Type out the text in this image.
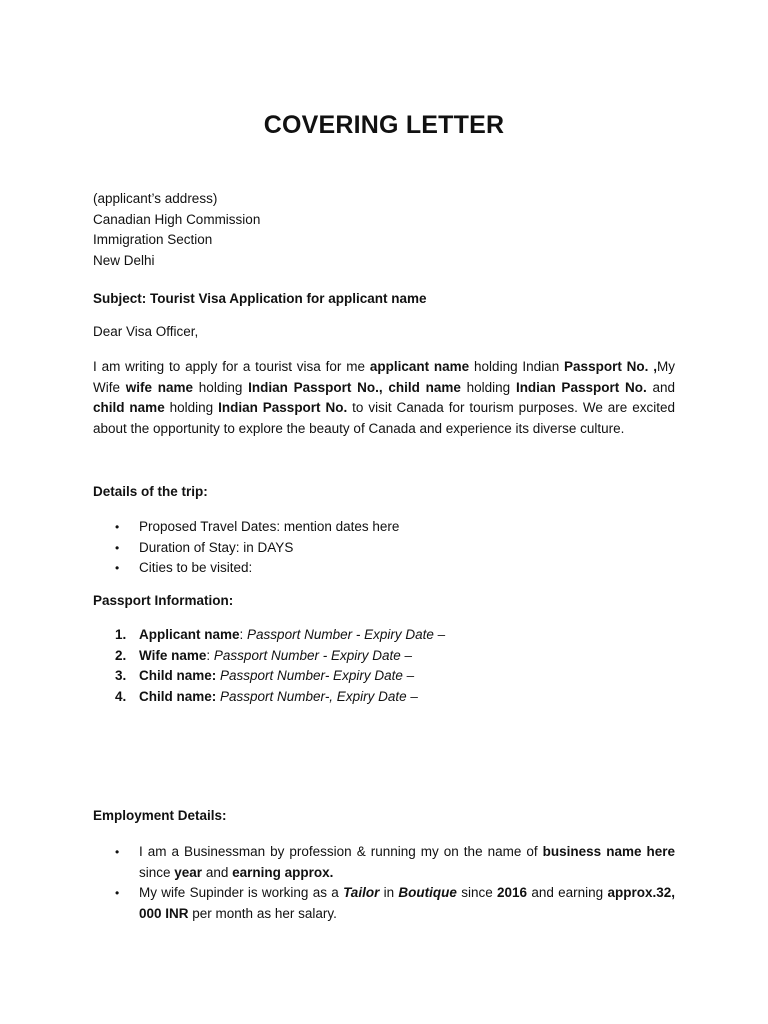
COVERING LETTER
(applicant’s address)
Canadian High Commission
Immigration Section
New Delhi
Subject: Tourist Visa Application for applicant name
Dear Visa Officer,

I am writing to apply for a tourist visa for me applicant name holding Indian Passport No. ,My Wife wife name holding Indian Passport No., child name holding Indian Passport No. and child name holding Indian Passport No. to visit Canada for tourism purposes. We are excited about the opportunity to explore the beauty of Canada and experience its diverse culture.

Details of the trip:
• Proposed Travel Dates: mention dates here
• Duration of Stay: in DAYS
• Cities to be visited:
Passport Information:
1. Applicant name: Passport Number - Expiry Date –
2. Wife name: Passport Number - Expiry Date –
3. Child name: Passport Number- Expiry Date –
4. Child name: Passport Number-, Expiry Date –
Employment Details:
• I am a Businessman by profession & running my on the name of business name here since year and earning approx.
• My wife Supinder is working as a Tailor in Boutique since 2016 and earning approx.32, 000 INR per month as her salary.
